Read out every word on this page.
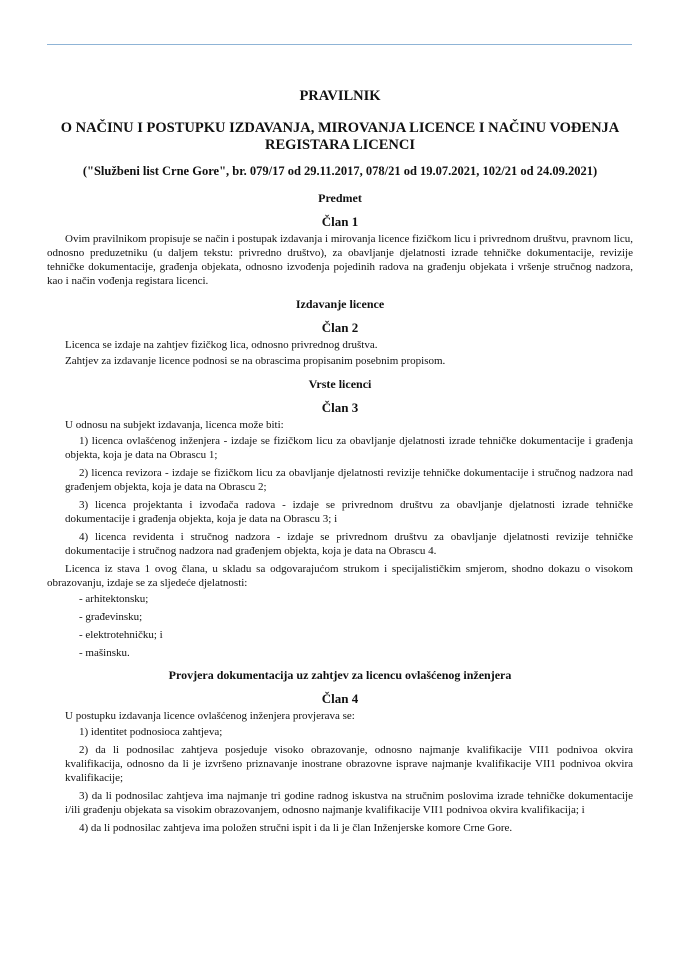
PRAVILNIK
O NAČINU I POSTUPKU IZDAVANJA, MIROVANJA LICENCE I NAČINU VOĐENJA REGISTARA LICENCI
("Službeni list Crne Gore", br. 079/17 od 29.11.2017, 078/21 od 19.07.2021, 102/21 od 24.09.2021)
Predmet
Član 1

Ovim pravilnikom propisuje se način i postupak izdavanja i mirovanja licence fizičkom licu i privrednom društvu, pravnom licu, odnosno preduzetniku (u daljem tekstu: privredno društvo), za obavljanje djelatnosti izrade tehničke dokumentacije, revizije tehničke dokumentacije, građenja objekata, odnosno izvođenja pojedinih radova na građenju objekata i vršenje stručnog nadzora, kao i način vođenja registara licenci.

Izdavanje licence
Član 2

Licenca se izdaje na zahtjev fizičkog lica, odnosno privrednog društva.

Zahtjev za izdavanje licence podnosi se na obrascima propisanim posebnim propisom.

Vrste licenci
Član 3

U odnosu na subjekt izdavanja, licenca može biti:

1) licenca ovlašćenog inženjera - izdaje se fizičkom licu za obavljanje djelatnosti izrade tehničke dokumentacije i građenja objekta, koja je data na Obrascu 1;

2) licenca revizora - izdaje se fizičkom licu za obavljanje djelatnosti revizije tehničke dokumentacije i stručnog nadzora nad građenjem objekta, koja je data na Obrascu 2;

3) licenca projektanta i izvođača radova - izdaje se privrednom društvu za obavljanje djelatnosti izrade tehničke dokumentacije i građenja objekta, koja je data na Obrascu 3; i

4) licenca revidenta i stručnog nadzora - izdaje se privrednom društvu za obavljanje djelatnosti revizije tehničke dokumentacije i stručnog nadzora nad građenjem objekta, koja je data na Obrascu 4.

Licenca iz stava 1 ovog člana, u skladu sa odgovarajućom strukom i specijalističkim smjerom, shodno dokazu o visokom obrazovanju, izdaje se za sljedeće djelatnosti:

- arhitektonsku;

- građevinsku;

- elektrotehničku; i

- mašinsku.

Provjera dokumentacija uz zahtjev za licencu ovlašćenog inženjera
Član 4

U postupku izdavanja licence ovlašćenog inženjera provjerava se:

1) identitet podnosioca zahtjeva;

2) da li podnosilac zahtjeva posjeduje visoko obrazovanje, odnosno najmanje kvalifikacije VII1 podnivoa okvira kvalifikacija, odnosno da li je izvršeno priznavanje inostrane obrazovne isprave najmanje kvalifikacije VII1 podnivoa okvira kvalifikacije;

3) da li podnosilac zahtjeva ima najmanje tri godine radnog iskustva na stručnim poslovima izrade tehničke dokumentacije i/ili građenju objekata sa visokim obrazovanjem, odnosno najmanje kvalifikacije VII1 podnivoa okvira kvalifikacija; i

4) da li podnosilac zahtjeva ima položen stručni ispit i da li je član Inženjerske komore Crne Gore.
